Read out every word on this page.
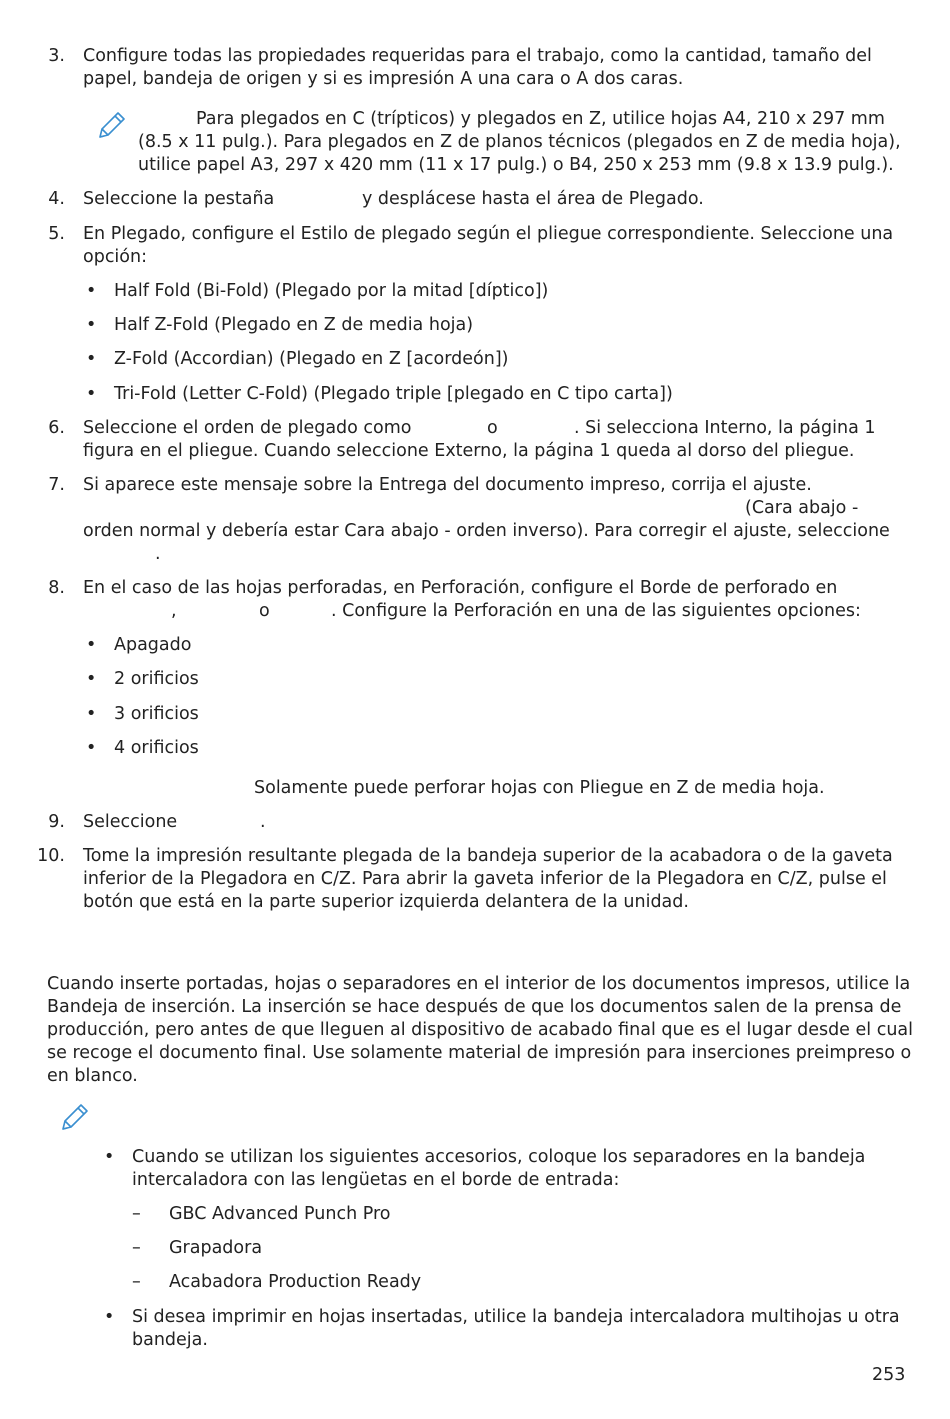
3. Configure todas las propiedades requeridas para el trabajo, como la cantidad, tamaño del
papel, bandeja de origen y si es impresión A una cara o A dos caras.
Para plegados en C (trípticos) y plegados en Z, utilice hojas A4, 210 x 297 mm
(8.5 x 11 pulg.). Para plegados en Z de planos técnicos (plegados en Z de media hoja),
utilice papel A3, 297 x 420 mm (11 x 17 pulg.) o B4, 250 x 253 mm (9.8 x 13.9 pulg.).
4. Seleccione la pestaña	y desplácese hasta el área de Plegado.
5. En Plegado, configure el Estilo de plegado según el pliegue correspondiente. Seleccione una
opción:
• Half Fold (Bi-Fold) (Plegado por la mitad [díptico])
• Half Z-Fold (Plegado en Z de media hoja)
• Z-Fold (Accordian) (Plegado en Z [acordeón])
• Tri-Fold (Letter C-Fold) (Plegado triple [plegado en C tipo carta])
6. Seleccione el orden de plegado como	o	. Si selecciona Interno, la página 1
figura en el pliegue. Cuando seleccione Externo, la página 1 queda al dorso del pliegue.
7. Si aparece este mensaje sobre la Entrega del documento impreso, corrija el ajuste.
(Cara abajo -
orden normal y debería estar Cara abajo - orden inverso). Para corregir el ajuste, seleccione
.
8. En el caso de las hojas perforadas, en Perforación, configure el Borde de perforado en
,	o	. Configure la Perforación en una de las siguientes opciones:
• Apagado
• 2 orificios
• 3 orificios
• 4 orificios
Solamente puede perforar hojas con Pliegue en Z de media hoja.
9. Seleccione	.
10. Tome la impresión resultante plegada de la bandeja superior de la acabadora o de la gaveta
inferior de la Plegadora en C/Z. Para abrir la gaveta inferior de la Plegadora en C/Z, pulse el
botón que está en la parte superior izquierda delantera de la unidad.
Cuando inserte portadas, hojas o separadores en el interior de los documentos impresos, utilice la
Bandeja de inserción. La inserción se hace después de que los documentos salen de la prensa de
producción, pero antes de que lleguen al dispositivo de acabado final que es el lugar desde el cual
se recoge el documento final. Use solamente material de impresión para inserciones preimpreso o
en blanco.
• Cuando se utilizan los siguientes accesorios, coloque los separadores en la bandeja
intercaladora con las lengüetas en el borde de entrada:
– GBC Advanced Punch Pro
– Grapadora
– Acabadora Production Ready
• Si desea imprimir en hojas insertadas, utilice la bandeja intercaladora multihojas u otra
bandeja.
253
